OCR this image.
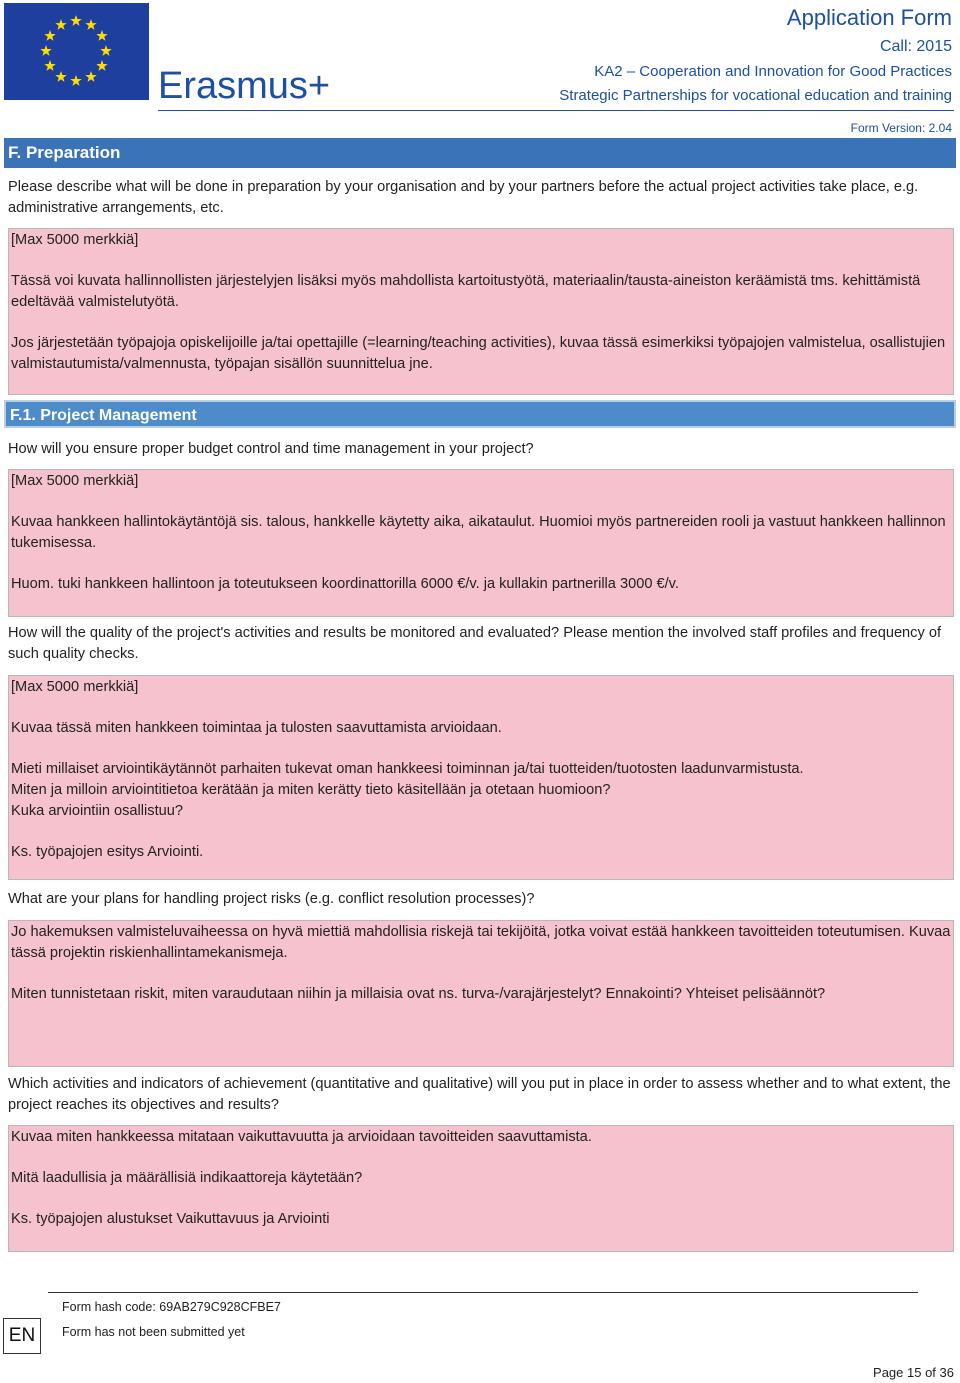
Erasmus+
Application Form
Call: 2015
KA2 – Cooperation and Innovation for Good Practices
Strategic Partnerships for vocational education and training
Form Version: 2.04
F. Preparation
Please describe what will be done in preparation by your organisation and by your partners before the actual project activities take place, e.g. administrative arrangements, etc.

[Max 5000 merkkiä]

Tässä voi kuvata hallinnollisten järjestelyjen lisäksi myös mahdollista kartoitustyötä, materiaalin/tausta-aineiston keräämistä tms. kehittämistä edeltävää valmistelutyötä.

Jos järjestetään työpajoja opiskelijoille ja/tai opettajille (=learning/teaching activities), kuvaa tässä esimerkiksi työpajojen valmistelua, osallistujien valmistautumista/valmennusta, työpajan sisällön suunnittelua jne.

F.1. Project Management
How will you ensure proper budget control and time management in your project?

[Max 5000 merkkiä]

Kuvaa hankkeen hallintokäytäntöjä sis. talous, hankkelle käytetty aika, aikataulut. Huomioi myös partnereiden rooli ja vastuut hankkeen hallinnon tukemisessa.

Huom. tuki hankkeen hallintoon ja toteutukseen koordinattorilla 6000 €/v. ja kullakin partnerilla 3000 €/v.

How will the quality of the project's activities and results be monitored and evaluated? Please mention the involved staff profiles and frequency of such quality checks.

[Max 5000 merkkiä]

Kuvaa tässä miten hankkeen toimintaa ja tulosten saavuttamista arvioidaan.

Mieti millaiset arviointikäytännöt parhaiten tukevat oman hankkeesi toiminnan ja/tai tuotteiden/tuotosten laadunvarmistusta.

Miten ja milloin arviointitietoa kerätään ja miten kerätty tieto käsitellään ja otetaan huomioon?

Kuka arviointiin osallistuu?

Ks. työpajojen esitys Arviointi.

What are your plans for handling project risks (e.g. conflict resolution processes)?

Jo hakemuksen valmisteluvaiheessa on hyvä miettiä mahdollisia riskejä tai tekijöitä, jotka voivat estää hankkeen tavoitteiden toteutumisen. Kuvaa tässä projektin riskienhallintamekanismeja.

Miten tunnistetaan riskit, miten varaudutaan niihin ja millaisia ovat ns. turva-/varajärjestelyt? Ennakointi? Yhteiset pelisäännöt?

Which activities and indicators of achievement (quantitative and qualitative) will you put in place in order to assess whether and to what extent, the project reaches its objectives and results?

Kuvaa miten hankkeessa mitataan vaikuttavuutta ja arvioidaan tavoitteiden saavuttamista.

Mitä laadullisia ja määrällisiä indikaattoreja käytetään?

Ks. työpajojen alustukset Vaikuttavuus ja Arviointi

EN
Form hash code: 69AB279C928CFBE7
Form has not been submitted yet
Page 15 of 36
